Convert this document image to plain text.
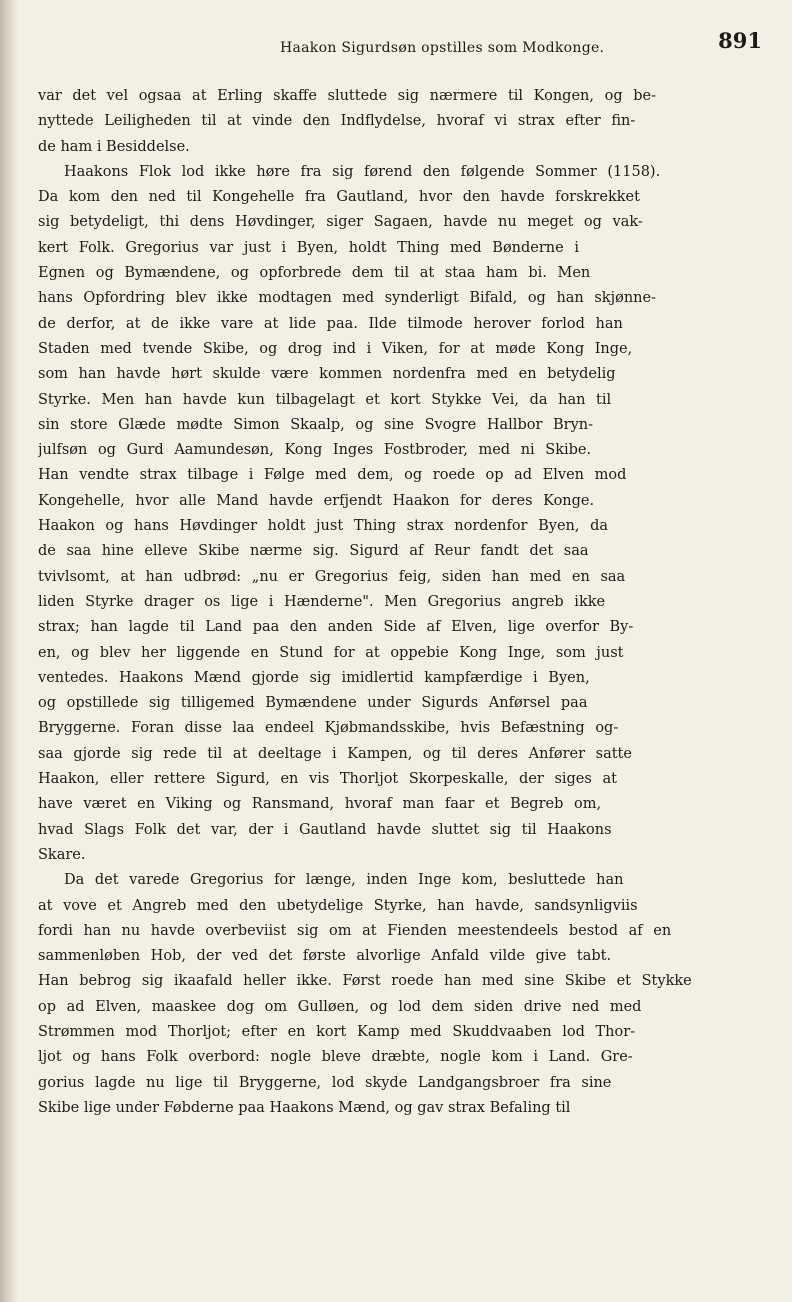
Haakon Sigurdsøn opstilles som Modkonge.	891
var det vel ogsaa at Erling skaffe sluttede sig nærmere til Kongen, og be-
nyttede Leiligheden til at vinde den Indflydelse, hvoraf vi strax efter fin-
de ham i Besiddelse.
Haakons Flok lod ikke høre fra sig førend den følgende Sommer (1158).
Da kom den ned til Kongehelle fra Gautland, hvor den havde forskrekket
sig betydeligt, thi dens Høvdinger, siger Sagaen, havde nu meget og vak-
kert Folk. Gregorius var just i Byen, holdt Thing med Bønderne i
Egnen og Bymændene, og opforbrede dem til at staa ham bi. Men
hans Opfordring blev ikke modtagen med synderligt Bifald, og han skjønne-
de derfor, at de ikke vare at lide paa. Ilde tilmode herover forlod han
Staden med tvende Skibe, og drog ind i Viken, for at møde Kong Inge,
som han havde hørt skulde være kommen nordenfra med en betydelig
Styrke. Men han havde kun tilbagelagt et kort Stykke Vei, da han til
sin store Glæde mødte Simon Skaalp, og sine Svogre Hallbor Bryn-
julfsøn og Gurd Aamundesøn, Kong Inges Fostbroder, med ni Skibe.
Han vendte strax tilbage i Følge med dem, og roede op ad Elven mod
Kongehelle, hvor alle Mand havde erfjendt Haakon for deres Konge.
Haakon og hans Høvdinger holdt just Thing strax nordenfor Byen, da
de saa hine elleve Skibe nærme sig. Sigurd af Reur fandt det saa
tvivlsomt, at han udbrød: „nu er Gregorius feig, siden han med en saa
liden Styrke drager os lige i Hænderne". Men Gregorius angreb ikke
strax; han lagde til Land paa den anden Side af Elven, lige overfor By-
en, og blev her liggende en Stund for at oppebie Kong Inge, som just
ventedes. Haakons Mænd gjorde sig imidlertid kampfærdige i Byen,
og opstillede sig tilligemed Bymændene under Sigurds Anførsel paa
Bryggerne. Foran disse laa endeel Kjøbmandsskibe, hvis Befæstning og-
saa gjorde sig rede til at deeltage i Kampen, og til deres Anfører satte
Haakon, eller rettere Sigurd, en vis Thorljot Skorpeskalle, der siges at
have været en Viking og Ransmand, hvoraf man faar et Begreb om,
hvad Slags Folk det var, der i Gautland havde sluttet sig til Haakons
Skare.
Da det varede Gregorius for længe, inden Inge kom, besluttede han
at vove et Angreb med den ubetydelige Styrke, han havde, sandsynligviis
fordi han nu havde overbeviist sig om at Fienden meestendeels bestod af en
sammenløben Hob, der ved det første alvorlige Anfald vilde give tabt.
Han bebrog sig ikaafald heller ikke. Først roede han med sine Skibe et Stykke
op ad Elven, maaskee dog om Gulløen, og lod dem siden drive ned med
Strømmen mod Thorljot; efter en kort Kamp med Skuddvaaben lod Thor-
ljot og hans Folk overbord: nogle blevе dræbte, nogle kom i Land. Gre-
gorius lagde nu lige til Bryggerne, lod skyde Landgangsbroer fra sine
Skibe lige under Føbderne paa Haakons Mænd, og gav strax Befaling til
